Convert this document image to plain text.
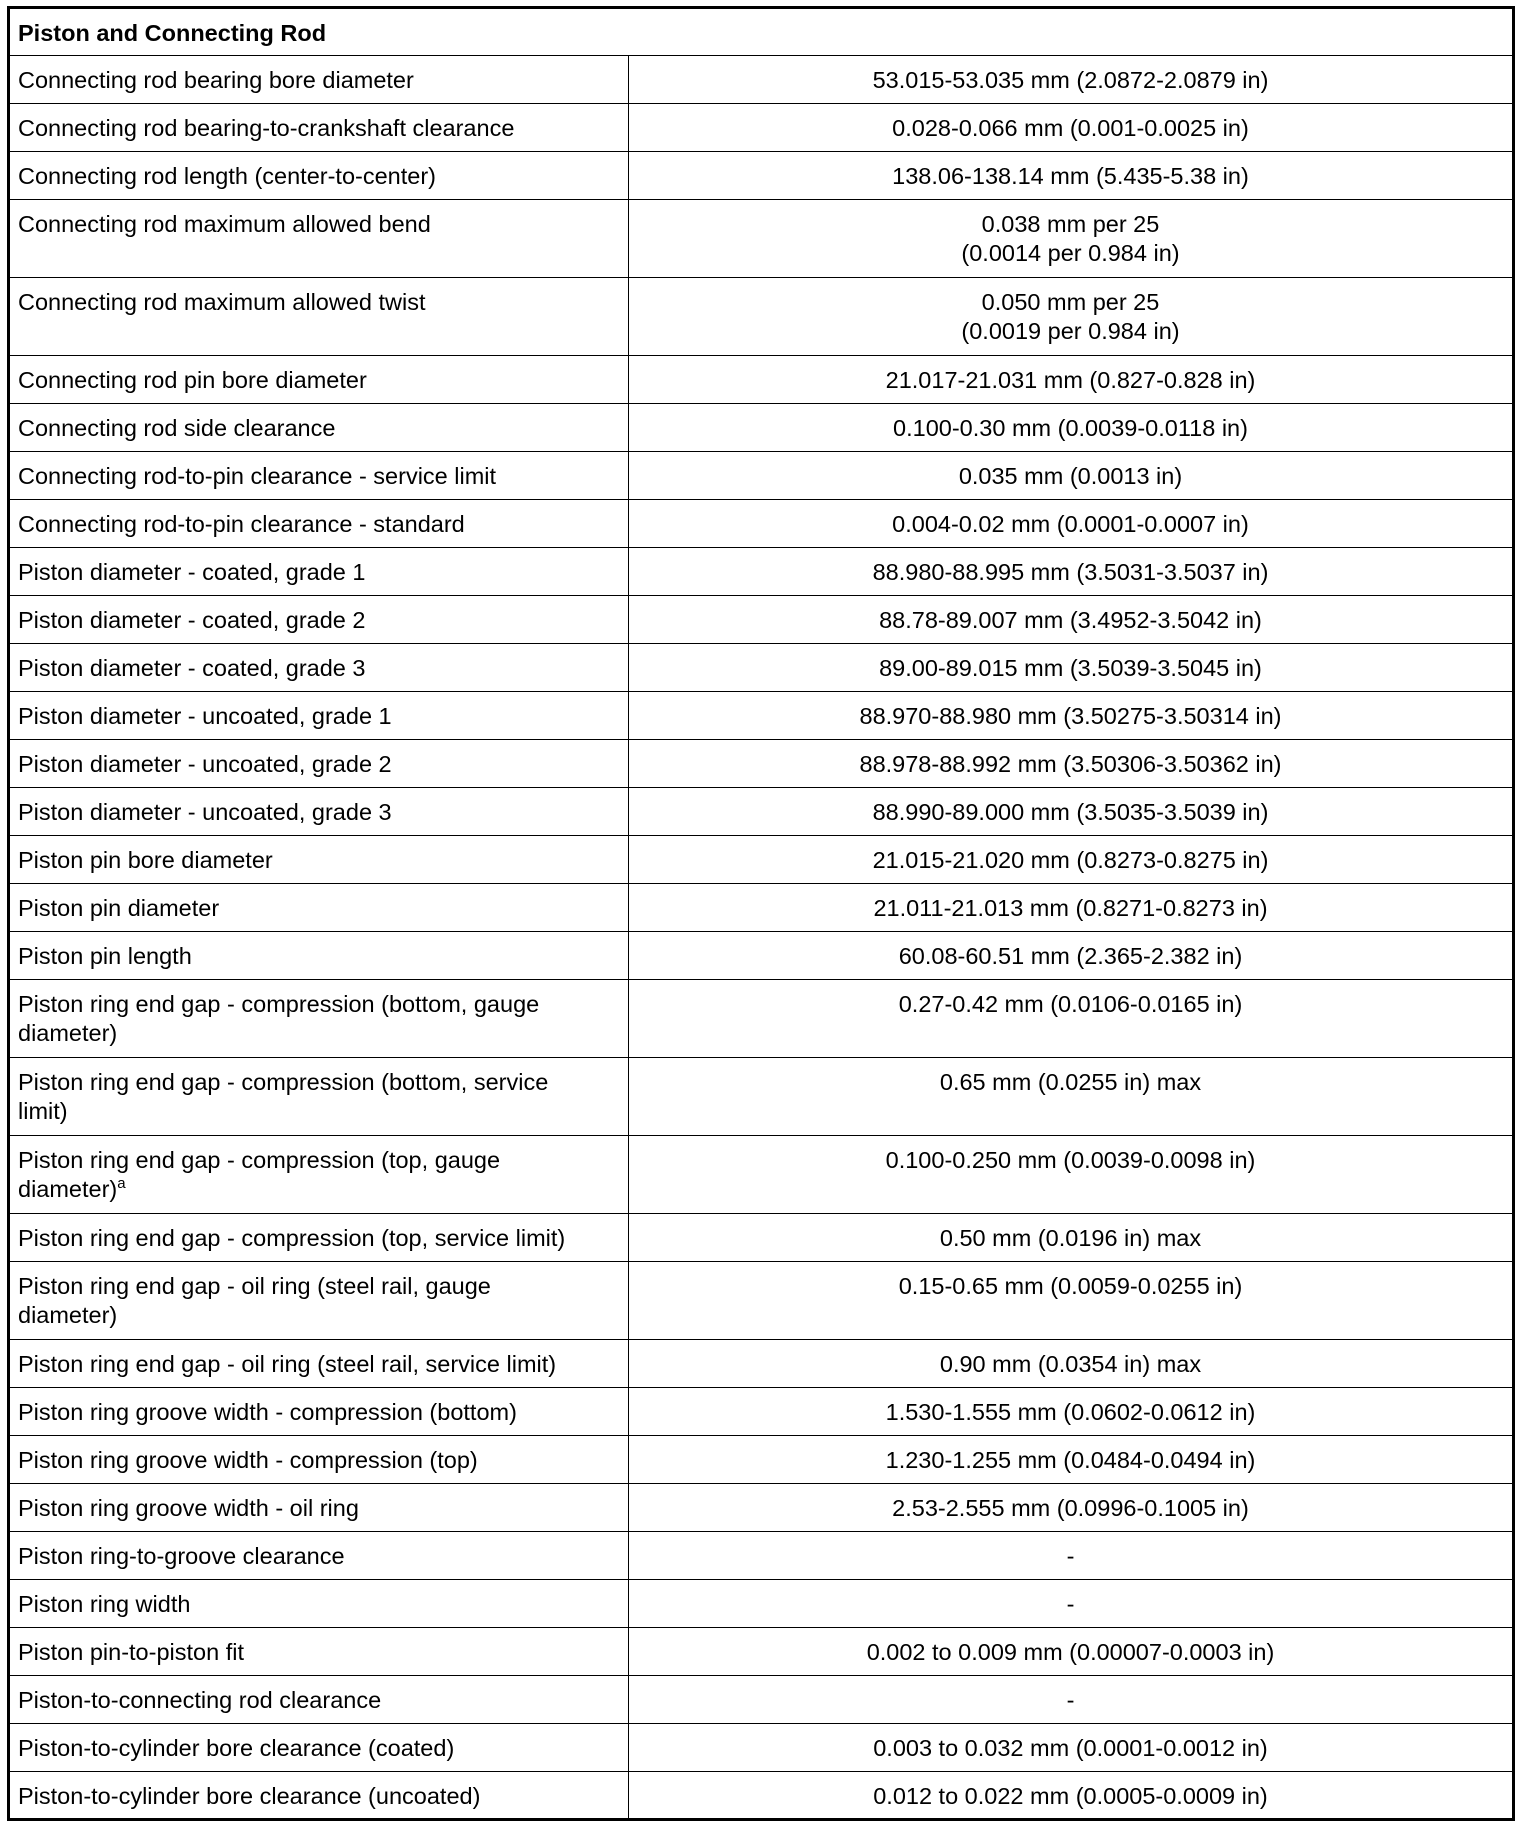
Piston and Connecting Rod	
Connecting rod bearing bore diameter	53.015-53.035 mm (2.0872-2.0879 in)
Connecting rod bearing-to-crankshaft clearance	0.028-0.066 mm (0.001-0.0025 in)
Connecting rod length (center-to-center)	138.06-138.14 mm (5.435-5.38 in)
Connecting rod maximum allowed bend	0.038 mm per 25
(0.0014 per 0.984 in)
Connecting rod maximum allowed twist	0.050 mm per 25
(0.0019 per 0.984 in)
Connecting rod pin bore diameter	21.017-21.031 mm (0.827-0.828 in)
Connecting rod side clearance	0.100-0.30 mm (0.0039-0.0118 in)
Connecting rod-to-pin clearance - service limit	0.035 mm (0.0013 in)
Connecting rod-to-pin clearance - standard	0.004-0.02 mm (0.0001-0.0007 in)
Piston diameter - coated, grade 1	88.980-88.995 mm (3.5031-3.5037 in)
Piston diameter - coated, grade 2	88.78-89.007 mm (3.4952-3.5042 in)
Piston diameter - coated, grade 3	89.00-89.015 mm (3.5039-3.5045 in)
Piston diameter - uncoated, grade 1	88.970-88.980 mm (3.50275-3.50314 in)
Piston diameter - uncoated, grade 2	88.978-88.992 mm (3.50306-3.50362 in)
Piston diameter - uncoated, grade 3	88.990-89.000 mm (3.5035-3.5039 in)
Piston pin bore diameter	21.015-21.020 mm (0.8273-0.8275 in)
Piston pin diameter	21.011-21.013 mm (0.8271-0.8273 in)
Piston pin length	60.08-60.51 mm (2.365-2.382 in)
Piston ring end gap - compression (bottom, gauge
diameter)	0.27-0.42 mm (0.0106-0.0165 in)
Piston ring end gap - compression (bottom, service
limit)	0.65 mm (0.0255 in) max
Piston ring end gap - compression (top, gauge
diameter)$^a$	0.100-0.250 mm (0.0039-0.0098 in)
Piston ring end gap - compression (top, service limit)	0.50 mm (0.0196 in) max
Piston ring end gap - oil ring (steel rail, gauge
diameter)	0.15-0.65 mm (0.0059-0.0255 in)
Piston ring end gap - oil ring (steel rail, service limit)	0.90 mm (0.0354 in) max
Piston ring groove width - compression (bottom)	1.530-1.555 mm (0.0602-0.0612 in)
Piston ring groove width - compression (top)	1.230-1.255 mm (0.0484-0.0494 in)
Piston ring groove width - oil ring	2.53-2.555 mm (0.0996-0.1005 in)
Piston ring-to-groove clearance	-
Piston ring width	-
Piston pin-to-piston fit	0.002 to 0.009 mm (0.00007-0.0003 in)
Piston-to-connecting rod clearance	-
Piston-to-cylinder bore clearance (coated)	0.003 to 0.032 mm (0.0001-0.0012 in)
Piston-to-cylinder bore clearance (uncoated)	0.012 to 0.022 mm (0.0005-0.0009 in)
